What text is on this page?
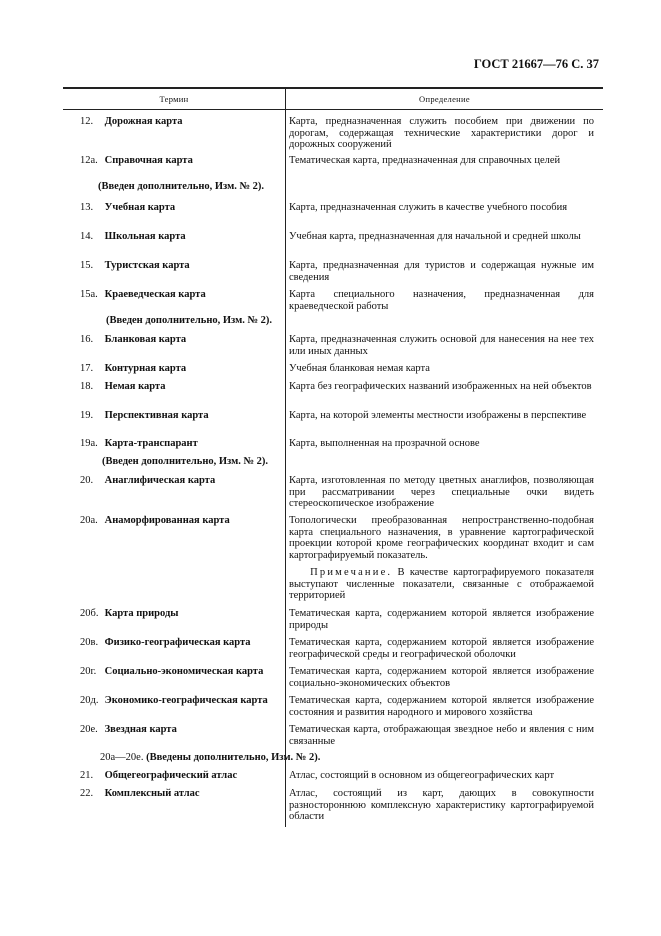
ГОСТ 21667—76 С. 37
Термин	Определение
12. Дорожная карта	Карта, предназначенная служить пособием при движении по дорогам, содержащая технические характеристики дорог и дорожных сооружений
12а. Справочная карта	Тематическая карта, предназначенная для справочных целей
(Введен дополнительно, Изм. № 2).
13. Учебная карта	Карта, предназначенная служить в качестве учебного пособия
14. Школьная карта	Учебная карта, предназначенная для начальной и средней школы
15. Туристская карта	Карта, предназначенная для туристов и содержащая нужные им сведения
15а. Краеведческая карта	Карта специального назначения, предназначенная для краеведческой работы
(Введен дополнительно, Изм. № 2).
16. Бланковая карта	Карта, предназначенная служить основой для нанесения на нее тех или иных данных
17. Контурная карта	Учебная бланковая немая карта
18. Немая карта	Карта без географических названий изображенных на ней объектов
19. Перспективная карта	Карта, на которой элементы местности изображены в перспективе
19а. Карта-транспарант	Карта, выполненная на прозрачной основе
(Введен дополнительно, Изм. № 2).
20. Анаглифическая карта	Карта, изготовленная по методу цветных анаглифов, позволяющая при рассматривании через специальные очки видеть стереоскопическое изображение
20а. Анаморфированная карта	Топологически преобразованная непространственно-подобная карта специального назначения, в уравнение картографической проекции которой кроме географических координат входит и сам картографируемый показатель.
Примечание. В качестве картографируемого показателя выступают численные показатели, связанные с отображаемой территорией
20б. Карта природы	Тематическая карта, содержанием которой является изображение природы
20в. Физико-географическая карта	Тематическая карта, содержанием которой является изображение географической среды и географической оболочки
20г. Социально-экономическая карта	Тематическая карта, содержанием которой является изображение социально-экономических объектов
20д. Экономико-географическая карта	Тематическая карта, содержанием которой является изображение состояния и развития народного и мирового хозяйства
20е. Звездная карта	Тематическая карта, отображающая звездное небо и явления с ним связанные
20а—20е. (Введены дополнительно, Изм. № 2).
21. Общегеографический атлас	Атлас, состоящий в основном из общегеографических карт
22. Комплексный атлас	Атлас, состоящий из карт, дающих в совокупности разностороннюю комплексную характеристику картографируемой области
